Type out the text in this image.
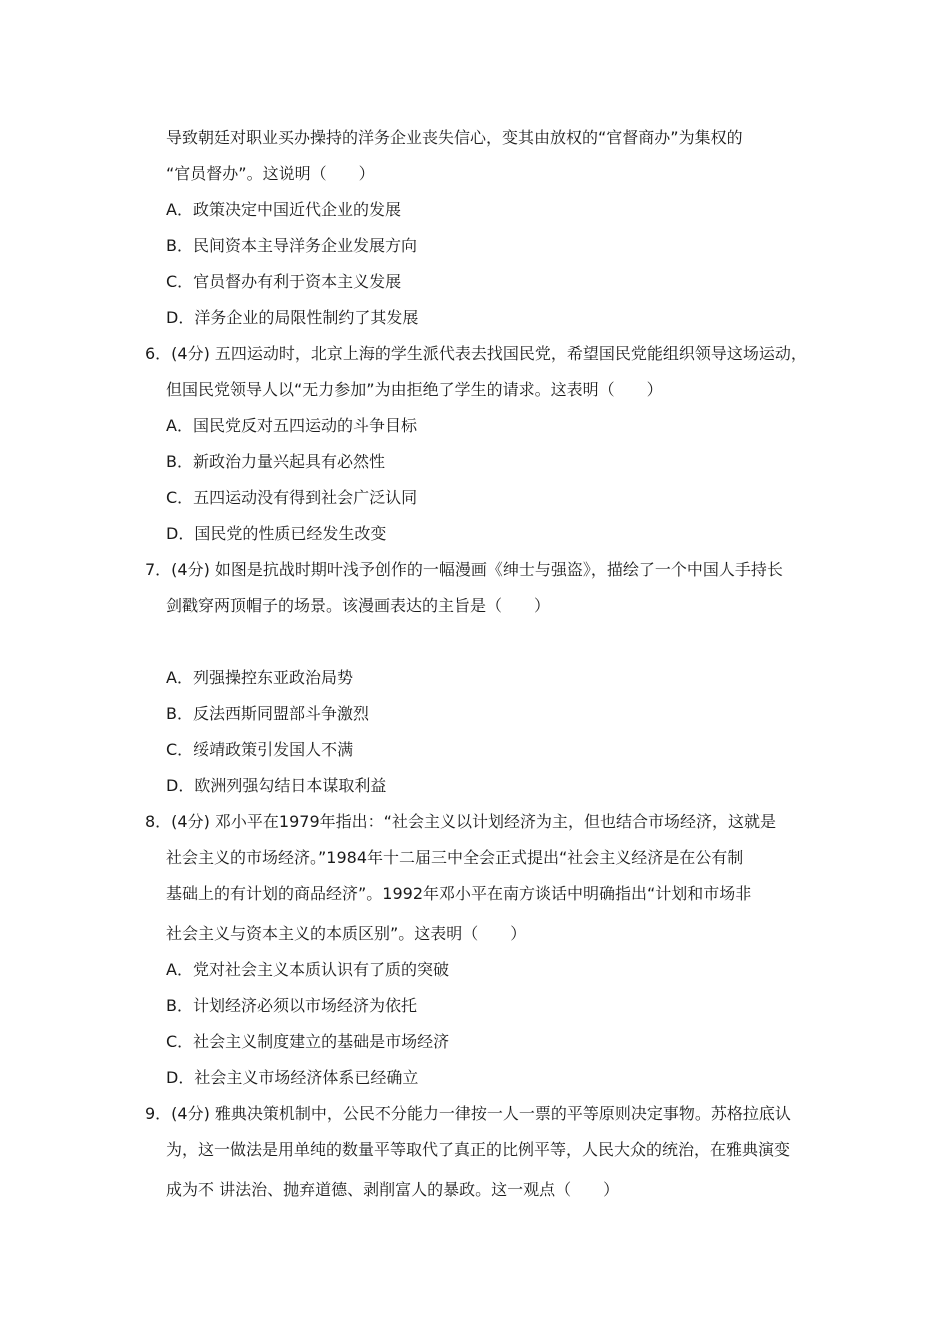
导致朝廷对职业买办操持的洋务企业丧失信心，变其由放权的“官督商办”为集权的
“官员督办”。这说明（　　）
A．政策决定中国近代企业的发展
B．民间资本主导洋务企业发展方向
C．官员督办有利于资本主义发展
D．洋务企业的局限性制约了其发展
6．(4分) 五四运动时，北京上海的学生派代表去找国民党，希望国民党能组织领导这场运动，
但国民党领导人以“无力参加”为由拒绝了学生的请求。这表明（　　）
A．国民党反对五四运动的斗争目标
B．新政治力量兴起具有必然性
C．五四运动没有得到社会广泛认同
D．国民党的性质已经发生改变
7．(4分) 如图是抗战时期叶浅予创作的一幅漫画《绅士与强盗》，描绘了一个中国人手持长
剑戳穿两顶帽子的场景。该漫画表达的主旨是（　　）
A．列强操控东亚政治局势
B．反法西斯同盟部斗争激烈
C．绥靖政策引发国人不满
D．欧洲列强勾结日本谋取利益
8．(4分) 邓小平在1979年指出：“社会主义以计划经济为主，但也结合市场经济，这就是
社会主义的市场经济。”1984年十二届三中全会正式提出“社会主义经济是在公有制
基础上的有计划的商品经济”。1992年邓小平在南方谈话中明确指出“计划和市场非
社会主义与资本主义的本质区别”。这表明（　　）
A．党对社会主义本质认识有了质的突破
B．计划经济必须以市场经济为依托
C．社会主义制度建立的基础是市场经济
D．社会主义市场经济体系已经确立
9．(4分) 雅典决策机制中，公民不分能力一律按一人一票的平等原则决定事物。苏格拉底认
为，这一做法是用单纯的数量平等取代了真正的比例平等，人民大众的统治，在雅典演变
成为不 讲法治、抛弃道德、剥削富人的暴政。这一观点（　　）
